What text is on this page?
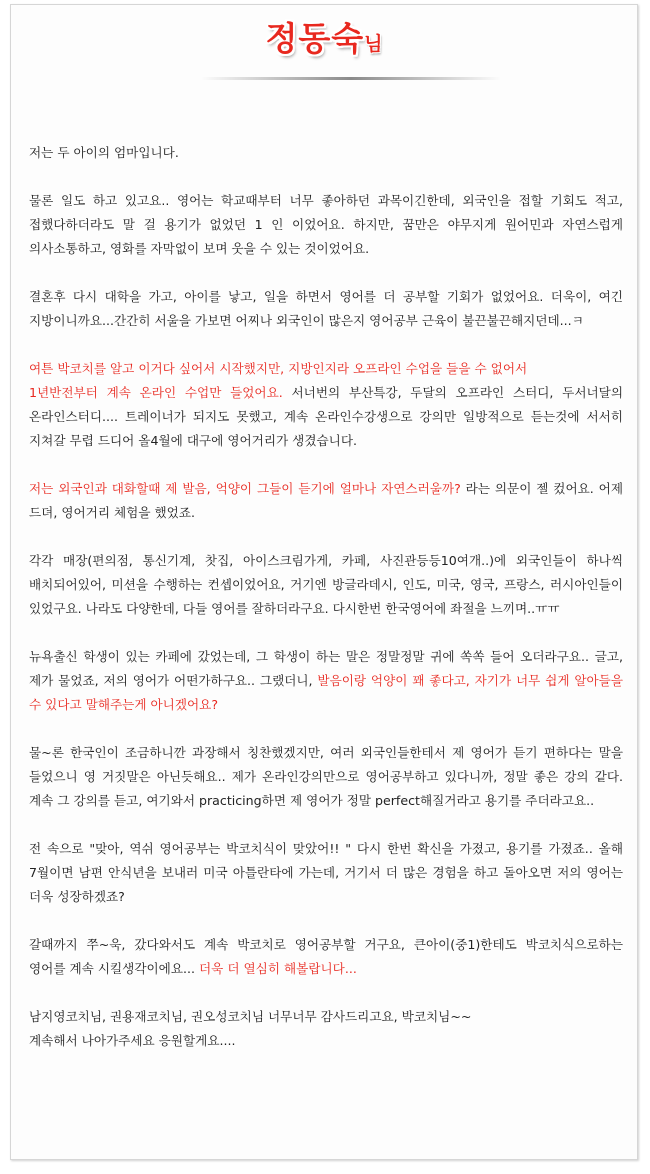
정동숙님

저는 두 아이의 엄마입니다.

물론 일도 하고 있고요.. 영어는 학교때부터 너무 좋아하던 과목이긴한데, 외국인을 접할 기회도 적고, 접했다하더라도 말 걸 용기가 없었던 1 인 이었어요. 하지만, 꿈만은 야무지게 원어민과 자연스럽게 의사소통하고, 영화를 자막없이 보며 웃을 수 있는 것이었어요.

결혼후 다시 대학을 가고, 아이를 낳고, 일을 하면서 영어를 더 공부할 기회가 없었어요. 더욱이, 여긴 지방이니까요...간간히 서울을 가보면 어찌나 외국인이 많은지 영어공부 근육이 불끈불끈해지던데...ㅋ

여튼 박코치를 알고 이거다 싶어서 시작했지만, 지방인지라 오프라인 수업을 들을 수 없어서
1년반전부터 계속 온라인 수업만 들었어요. 서너번의 부산특강, 두달의 오프라인 스터디, 두서너달의 온라인스터디.... 트레이너가 되지도 못했고, 계속 온라인수강생으로 강의만 일방적으로 듣는것에 서서히 지쳐갈 무렵 드디어 올4월에 대구에 영어거리가 생겼습니다.

저는 외국인과 대화할때 제 발음, 억양이 그들이 듣기에 얼마나 자연스러울까? 라는 의문이 젤 컸어요. 어제 드뎌, 영어거리 체험을 했었죠.

각각 매장(편의점, 통신기계, 찻집, 아이스크림가게, 카페, 사진관등등10여개..)에 외국인들이 하나씩 배치되어있어, 미션을 수행하는 컨셉이었어요, 거기엔 방글라데시, 인도, 미국, 영국, 프랑스, 러시아인들이 있었구요. 나라도 다양한데, 다들 영어를 잘하더라구요. 다시한번 한국영어에 좌절을 느끼며..ㅠㅠ

뉴욕출신 학생이 있는 카페에 갔었는데, 그 학생이 하는 말은 정말정말 귀에 쏙쏙 들어 오더라구요.. 글고, 제가 물었죠, 저의 영어가 어떤가하구요.. 그랬더니, 발음이랑 억양이 꽤 좋다고, 자기가 너무 쉽게 알아들을 수 있다고 말해주는게 아니겠어요?

물~론 한국인이 조금하니깐 과장해서 칭찬했겠지만, 여러 외국인들한테서 제 영어가 듣기 편하다는 말을 들었으니 영 거짓말은 아닌듯해요.. 제가 온라인강의만으로 영어공부하고 있다니까, 정말 좋은 강의 같다. 계속 그 강의를 듣고, 여기와서 practicing하면 제 영어가 정말 perfect해질거라고 용기를 주더라고요..

전 속으로 "맞아, 역쉬 영어공부는 박코치식이 맞았어!! " 다시 한번 확신을 가졌고, 용기를 가졌죠.. 올해 7월이면 남편 안식년을 보내러 미국 아틀란타에 가는데, 거기서 더 많은 경험을 하고 돌아오면 저의 영어는 더욱 성장하겠죠?

갈때까지 쭈~욱, 갔다와서도 계속 박코치로 영어공부할 거구요, 큰아이(중1)한테도 박코치식으로하는 영어를 계속 시킬생각이에요... 더욱 더 열심히 해볼랍니다...

남지영코치님, 권용재코치님, 권오성코치님 너무너무 감사드리고요, 박코치님~~
계속해서 나아가주세요 응원할게요....
